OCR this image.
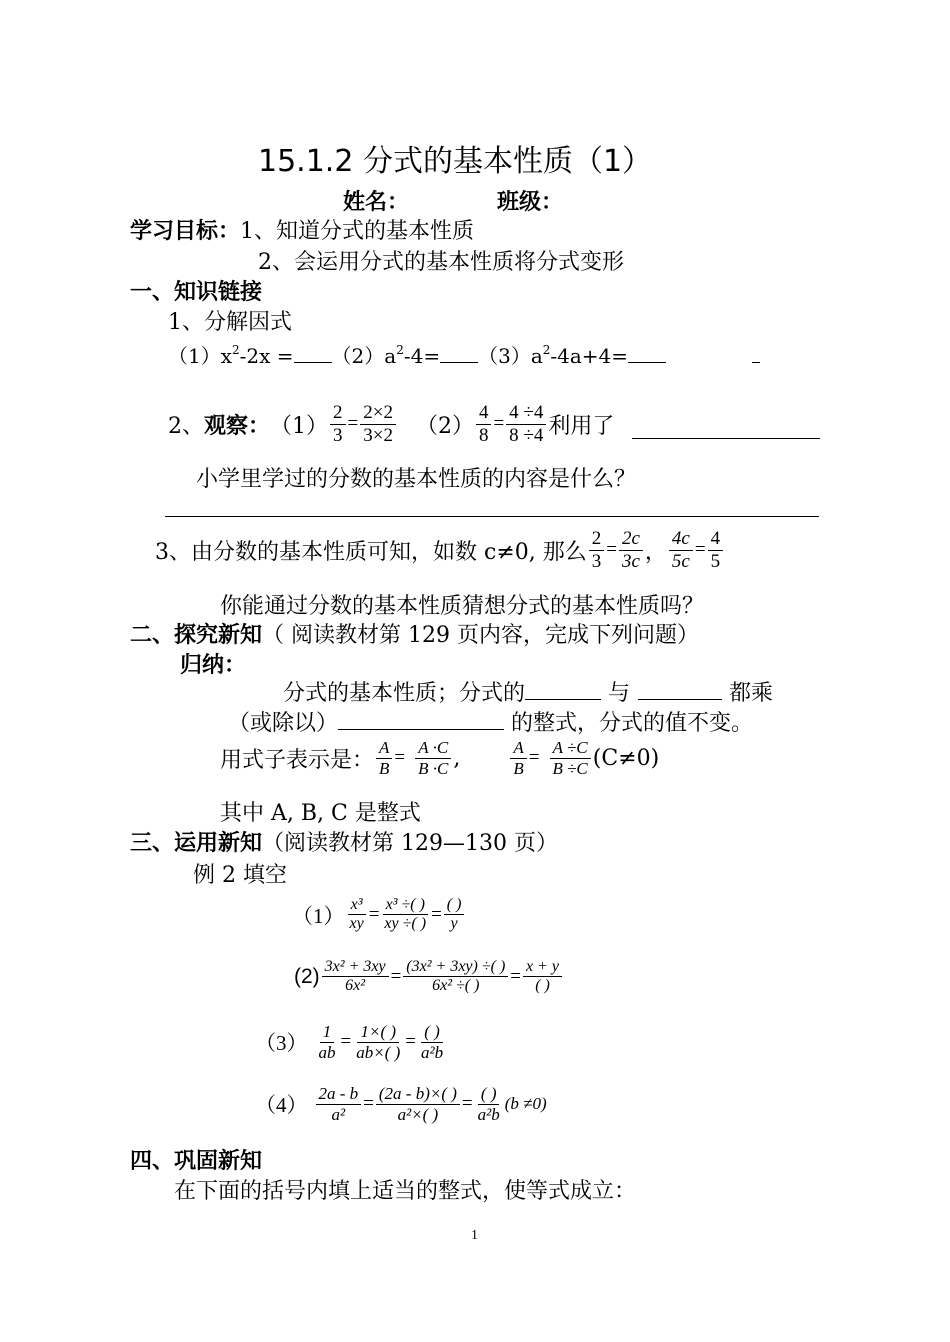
15.1.2 分式的基本性质（1）
姓名：	班级：
学习目标： 1、知道分式的基本性质
2、会运用分式的基本性质将分式变形
一、知识链接
1、分解因式
$(1)x^2-2x = (2)a^2-4= (3)a^2-4a+4=$
2、 观察： $(1) \frac{2}{3} = \frac{2\times 2}{3\times 2} (2) \frac{4}{8} = \frac{4 \div 4}{8 \div 4}$ 利用了
小学里学过的分数的基本性质的内容是什么？
3、由分数的基本性质可知，如数 c≠0, 那么 $\frac{2}{3} = \frac{2c}{3c}$ ， $\frac{4c}{5c} = \frac{4}{5}$
你能通过分数的基本性质猜想分式的基本性质吗？
二、探究新知（ 阅读教材第 129 页内容，完成下列问题）
归纳：
分式的基本性质；分式的	与	都乘
（或除以）	的整式，分式的值不变。
用式子表示是： $\frac{A}{B} = \frac{A \cdot C}{B \cdot C}$ ,	$\frac{A}{B} = \frac{A \div C}{B \div C} (C\ne 0)$
其中 A, B, C 是整式
三、运用新知（阅读教材第 129—130 页）
例 2 填空
$(1) \frac{\text{x³}}{xy} = \frac{\text{x³ ÷( )}}{xy \div( )} = \frac{( )}{y}$
$(2) \frac{\text{3x² + 3xy}}{\text{6x²}} = \frac{\text{(3x² + 3xy) ÷( )}}{\text{6x² ÷( )}} = \frac{x + y}{( )}$
$(3) \frac{1}{ab} = \frac{1\times( )}{ab\times( )} = \frac{( )}{\text{a²b}}$
$(4) \frac{2a - b}{\text{a²}} = \frac{(2a - b)\times( )}{\text{a²×( )}} = \frac{( )}{\text{a²b}} (b \ne 0)$
四、巩固新知
在下面的括号内填上适当的整式，使等式成立：
1
